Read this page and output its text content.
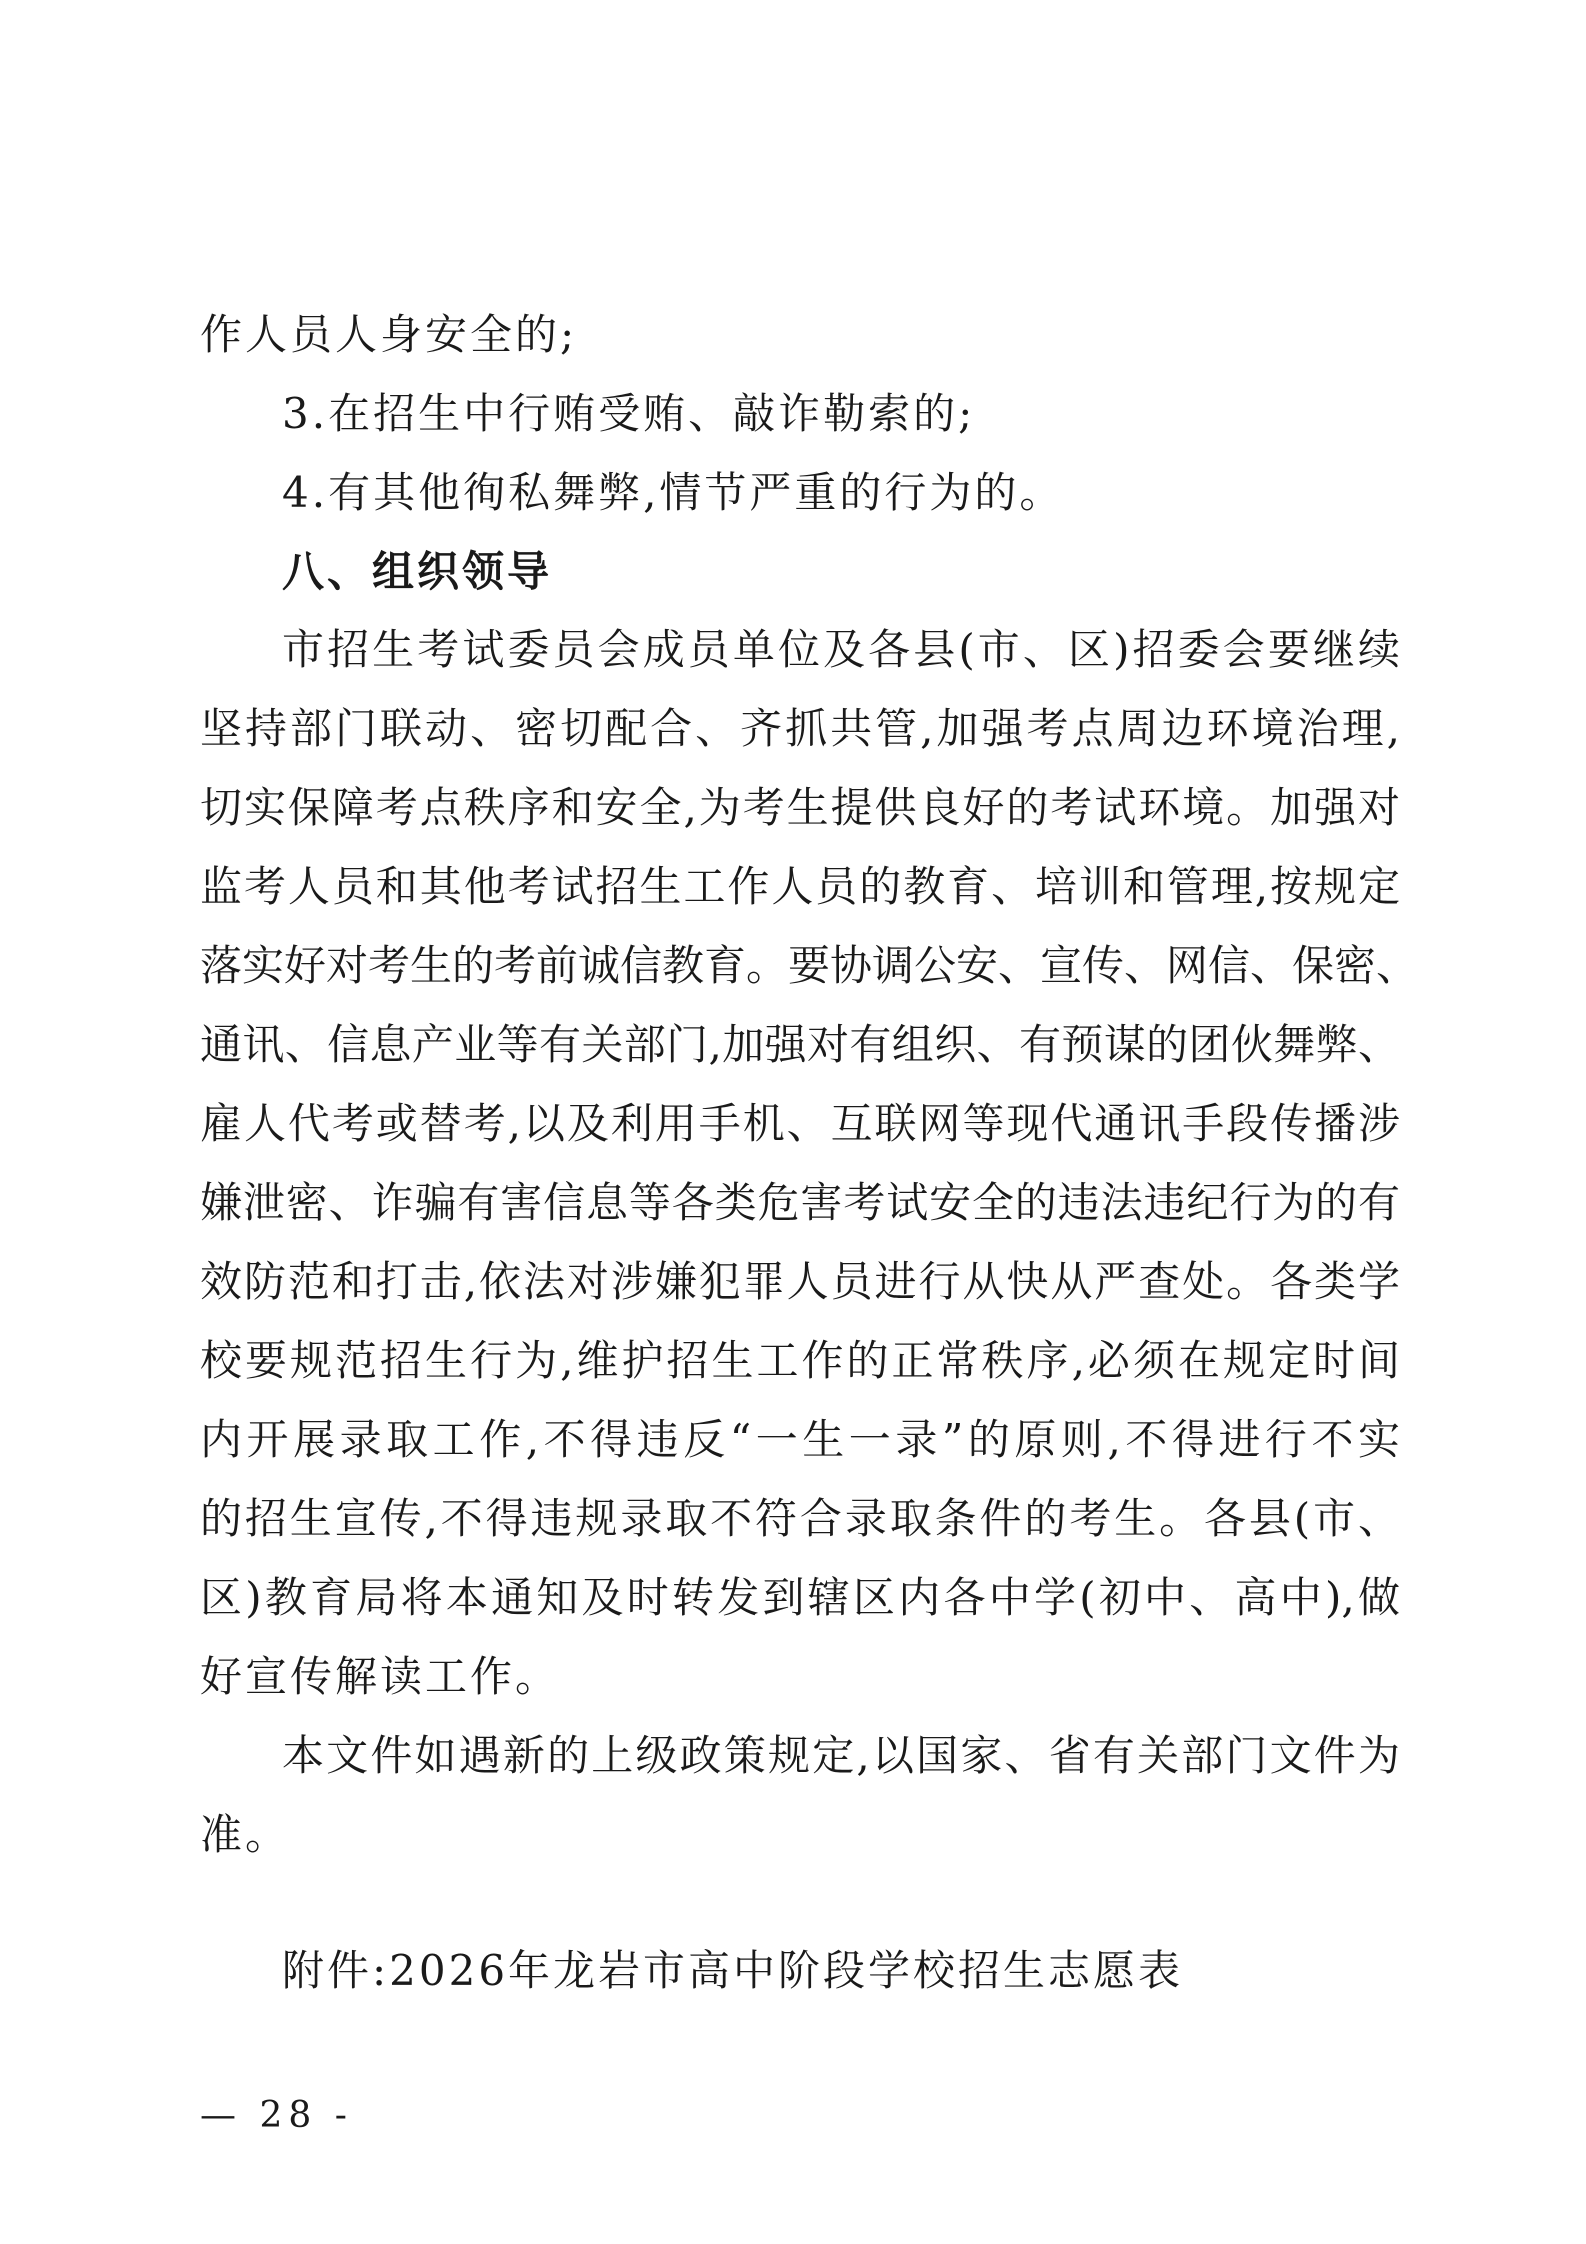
作人员人身安全的;
3.在招生中行贿受贿、敲诈勒索的;
4.有其他徇私舞弊,情节严重的行为的。
八、组织领导
市招生考试委员会成员单位及各县(市、区)招委会要继续
坚持部门联动、密切配合、齐抓共管,加强考点周边环境治理,
切实保障考点秩序和安全,为考生提供良好的考试环境。加强对
监考人员和其他考试招生工作人员的教育、培训和管理,按规定
落实好对考生的考前诚信教育。要协调公安、宣传、网信、保密、
通讯、信息产业等有关部门,加强对有组织、有预谋的团伙舞弊、
雇人代考或替考,以及利用手机、互联网等现代通讯手段传播涉
嫌泄密、诈骗有害信息等各类危害考试安全的违法违纪行为的有
效防范和打击,依法对涉嫌犯罪人员进行从快从严查处。各类学
校要规范招生行为,维护招生工作的正常秩序,必须在规定时间
内开展录取工作,不得违反“一生一录”的原则,不得进行不实
的招生宣传,不得违规录取不符合录取条件的考生。各县(市、
区)教育局将本通知及时转发到辖区内各中学(初中、高中),做
好宣传解读工作。
本文件如遇新的上级政策规定,以国家、省有关部门文件为
准。
附件:2026年龙岩市高中阶段学校招生志愿表
— 28 -
